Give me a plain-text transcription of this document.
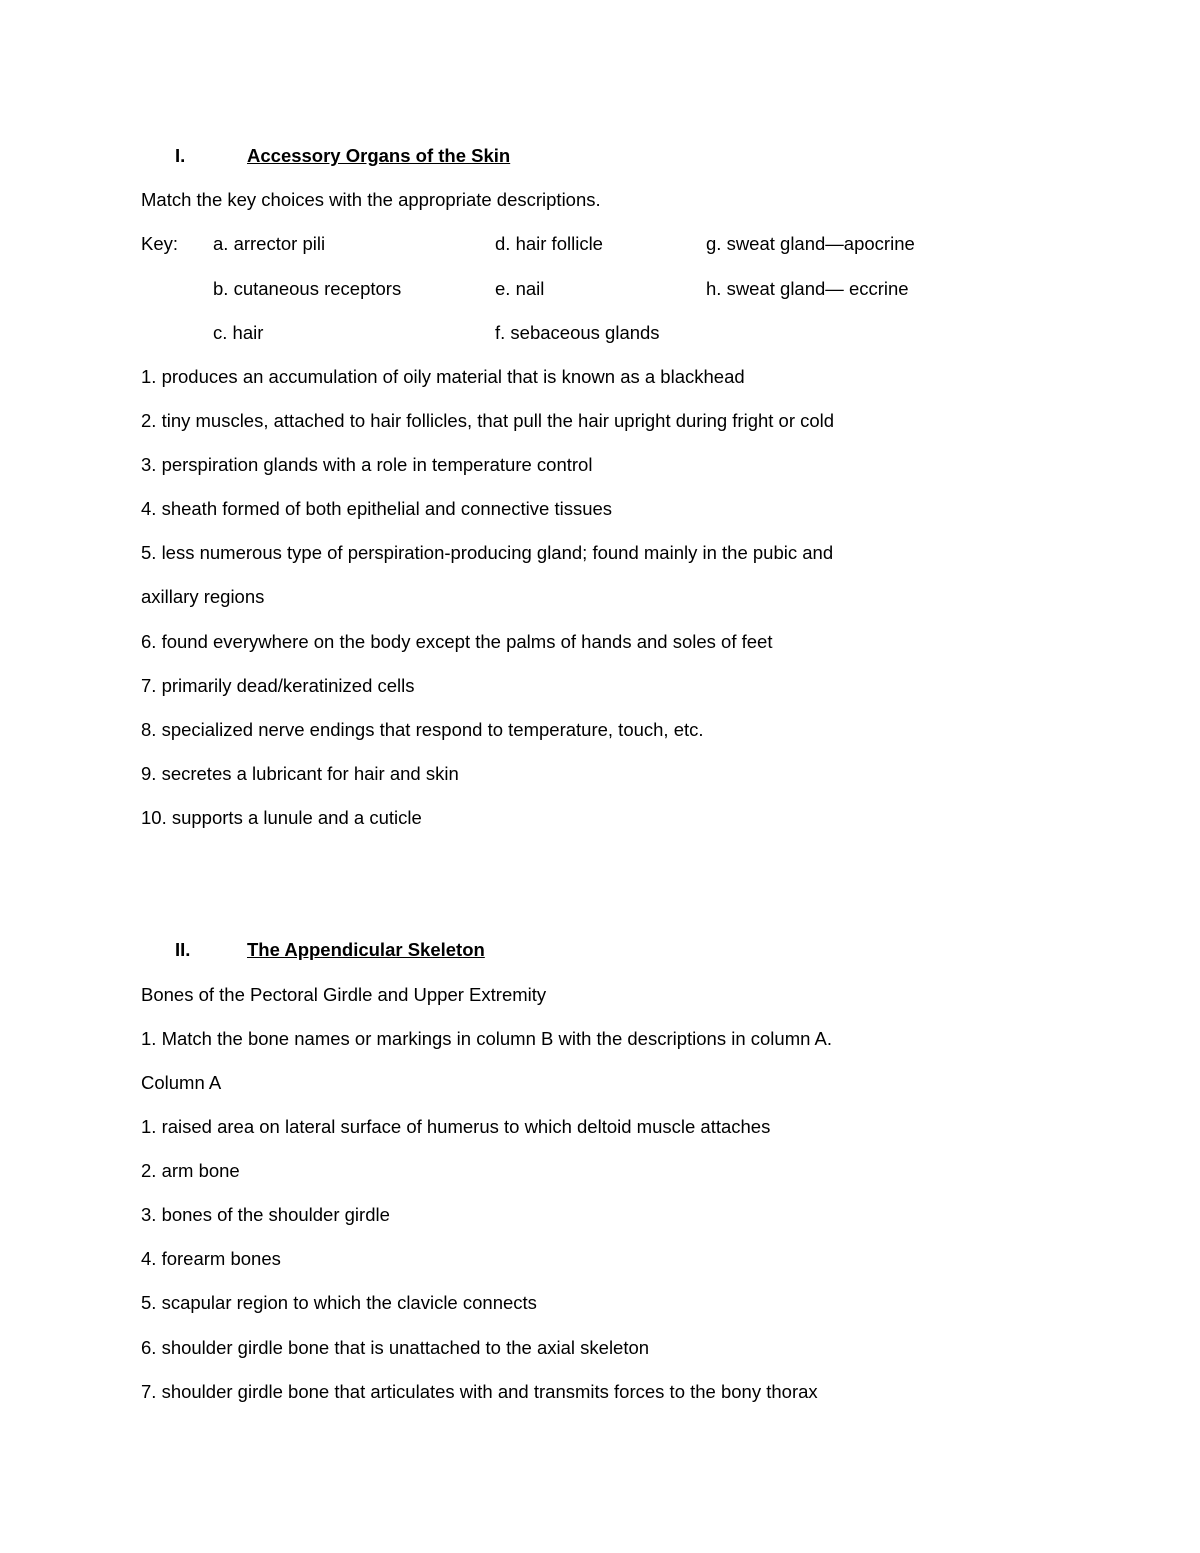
I.	Accessory Organs of the Skin
Match the key choices with the appropriate descriptions.
Key: a. arrector pili
b. cutaneous receptors
c. hair
d. hair follicle
e. nail
f. sebaceous glands
g. sweat gland—apocrine
h. sweat gland— eccrine
1. produces an accumulation of oily material that is known as a blackhead
2. tiny muscles, attached to hair follicles, that pull the hair upright during fright or cold
3. perspiration glands with a role in temperature control
4. sheath formed of both epithelial and connective tissues
5. less numerous type of perspiration-producing gland; found mainly in the pubic and
axillary regions
6. found everywhere on the body except the palms of hands and soles of feet
7. primarily dead/keratinized cells
8. specialized nerve endings that respond to temperature, touch, etc.
9. secretes a lubricant for hair and skin
10. supports a lunule and a cuticle
II.	The Appendicular Skeleton
Bones of the Pectoral Girdle and Upper Extremity
1. Match the bone names or markings in column B with the descriptions in column A.
Column A
1. raised area on lateral surface of humerus to which deltoid muscle attaches
2. arm bone
3. bones of the shoulder girdle
4. forearm bones
5. scapular region to which the clavicle connects
6. shoulder girdle bone that is unattached to the axial skeleton
7. shoulder girdle bone that articulates with and transmits forces to the bony thorax
